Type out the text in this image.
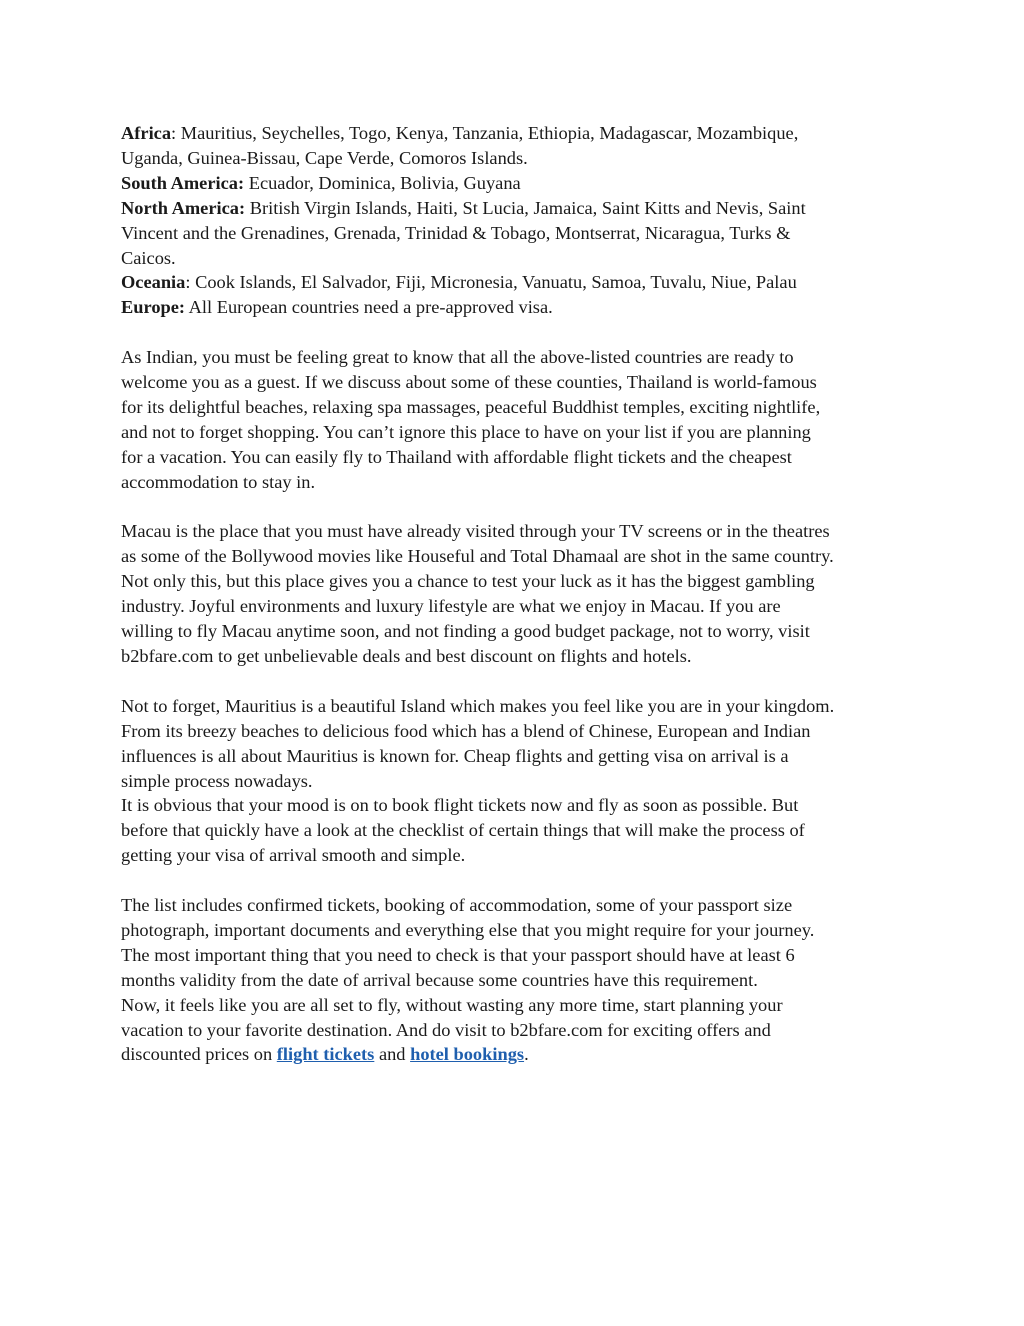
Africa: Mauritius, Seychelles, Togo, Kenya, Tanzania, Ethiopia, Madagascar, Mozambique,
Uganda, Guinea-Bissau, Cape Verde, Comoros Islands.
South America: Ecuador, Dominica, Bolivia, Guyana
North America: British Virgin Islands, Haiti, St Lucia, Jamaica, Saint Kitts and Nevis, Saint
Vincent and the Grenadines, Grenada, Trinidad & Tobago, Montserrat, Nicaragua, Turks &
Caicos.
Oceania: Cook Islands, El Salvador, Fiji, Micronesia, Vanuatu, Samoa, Tuvalu, Niue, Palau
Europe: All European countries need a pre-approved visa.
As Indian, you must be feeling great to know that all the above-listed countries are ready to
welcome you as a guest. If we discuss about some of these counties, Thailand is world-famous
for its delightful beaches, relaxing spa massages, peaceful Buddhist temples, exciting nightlife,
and not to forget shopping. You can’t ignore this place to have on your list if you are planning
for a vacation. You can easily fly to Thailand with affordable flight tickets and the cheapest
accommodation to stay in.
Macau is the place that you must have already visited through your TV screens or in the theatres
as some of the Bollywood movies like Houseful and Total Dhamaal are shot in the same country.
Not only this, but this place gives you a chance to test your luck as it has the biggest gambling
industry. Joyful environments and luxury lifestyle are what we enjoy in Macau. If you are
willing to fly Macau anytime soon, and not finding a good budget package, not to worry, visit
b2bfare.com to get unbelievable deals and best discount on flights and hotels.
Not to forget, Mauritius is a beautiful Island which makes you feel like you are in your kingdom.
From its breezy beaches to delicious food which has a blend of Chinese, European and Indian
influences is all about Mauritius is known for. Cheap flights and getting visa on arrival is a
simple process nowadays.
It is obvious that your mood is on to book flight tickets now and fly as soon as possible. But
before that quickly have a look at the checklist of certain things that will make the process of
getting your visa of arrival smooth and simple.
The list includes confirmed tickets, booking of accommodation, some of your passport size
photograph, important documents and everything else that you might require for your journey.
The most important thing that you need to check is that your passport should have at least 6
months validity from the date of arrival because some countries have this requirement.
Now, it feels like you are all set to fly, without wasting any more time, start planning your
vacation to your favorite destination. And do visit to b2bfare.com for exciting offers and
discounted prices on flight tickets and hotel bookings.
